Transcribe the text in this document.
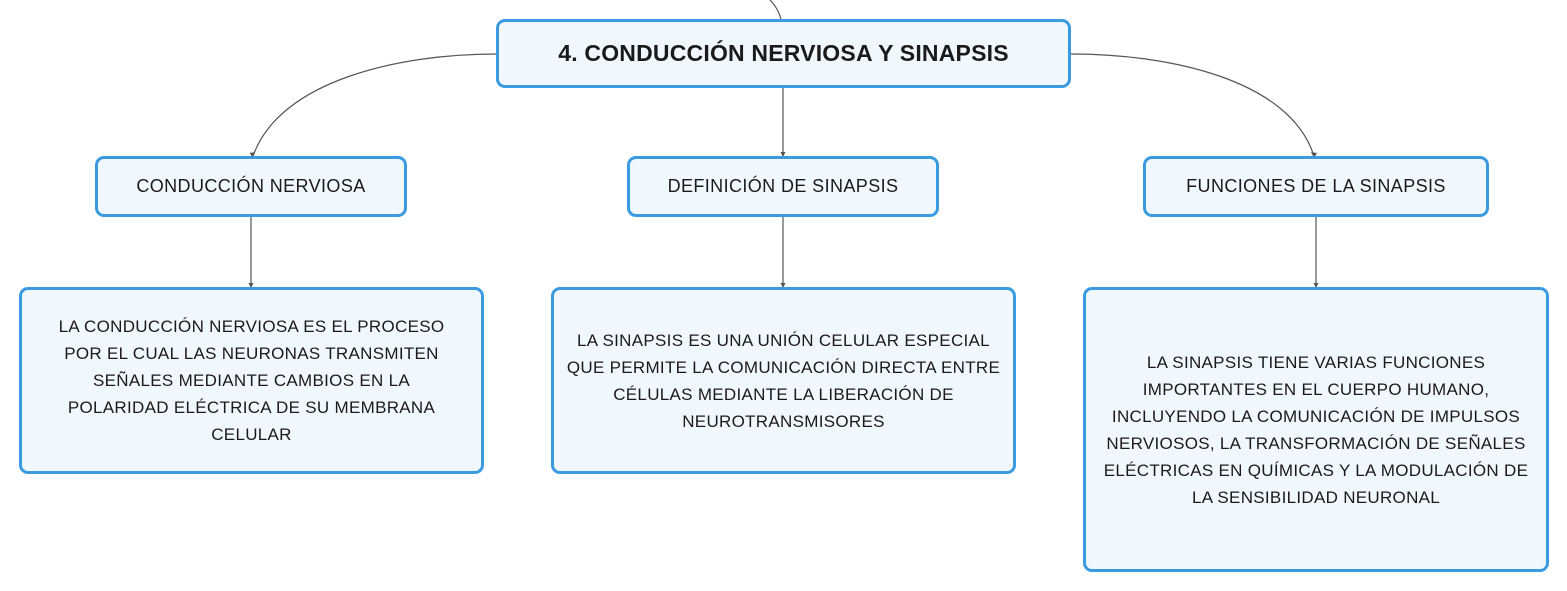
4. CONDUCCIÓN NERVIOSA Y SINAPSIS
CONDUCCIÓN NERVIOSA	DEFINICIÓN DE SINAPSIS	FUNCIONES DE LA SINAPSIS
LA CONDUCCIÓN NERVIOSA ES EL PROCESO POR EL CUAL LAS NEURONAS TRANSMITEN SEÑALES MEDIANTE CAMBIOS EN LA POLARIDAD ELÉCTRICA DE SU MEMBRANA CELULAR
LA SINAPSIS ES UNA UNIÓN CELULAR ESPECIAL QUE PERMITE LA COMUNICACIÓN DIRECTA ENTRE CÉLULAS MEDIANTE LA LIBERACIÓN DE NEUROTRANSMISORES
LA SINAPSIS TIENE VARIAS FUNCIONES IMPORTANTES EN EL CUERPO HUMANO, INCLUYENDO LA COMUNICACIÓN DE IMPULSOS NERVIOSOS, LA TRANSFORMACIÓN DE SEÑALES ELÉCTRICAS EN QUÍMICAS Y LA MODULACIÓN DE LA SENSIBILIDAD NEURONAL
